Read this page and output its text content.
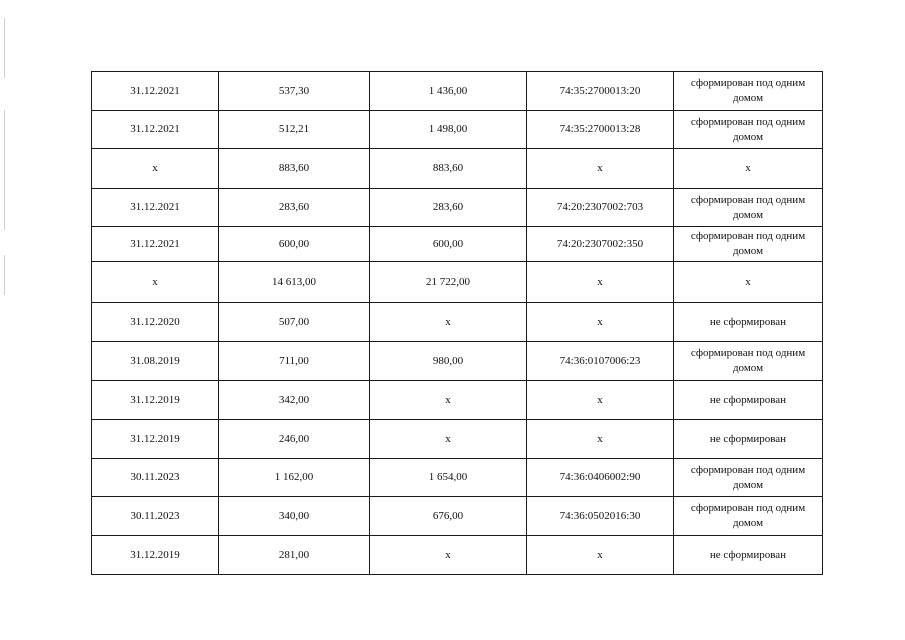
31.12.2021	537,30	1 436,00	74:35:2700013:20	сформирован под одним домом
31.12.2021	512,21	1 498,00	74:35:2700013:28	сформирован под одним домом
x	883,60	883,60	x	x
31.12.2021	283,60	283,60	74:20:2307002:703	сформирован под одним домом
31.12.2021	600,00	600,00	74:20:2307002:350	сформирован под одним домом
x	14 613,00	21 722,00	x	x
31.12.2020	507,00	x	x	не сформирован
31.08.2019	711,00	980,00	74:36:0107006:23	сформирован под одним домом
31.12.2019	342,00	x	x	не сформирован
31.12.2019	246,00	x	x	не сформирован
30.11.2023	1 162,00	1 654,00	74:36:0406002:90	сформирован под одним домом
30.11.2023	340,00	676,00	74:36:0502016:30	сформирован под одним домом
31.12.2019	281,00	x	x	не сформирован
